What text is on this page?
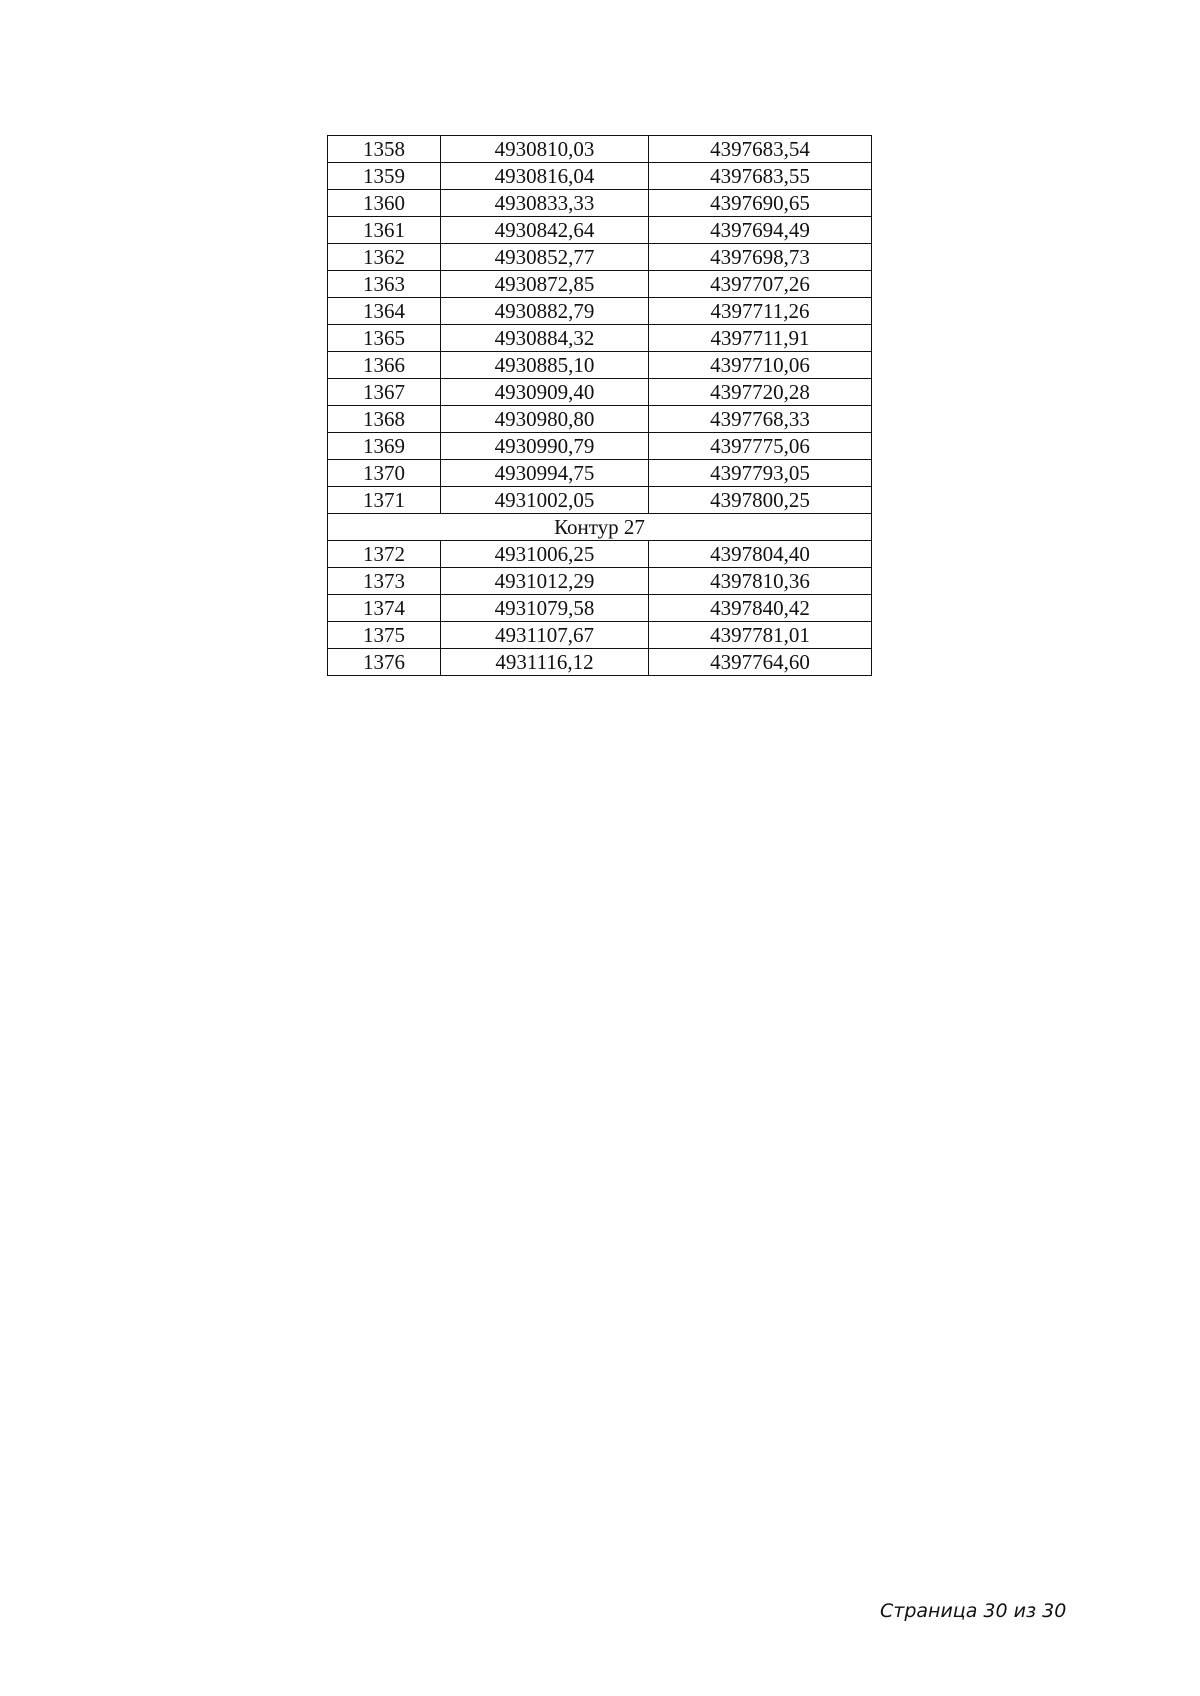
1358	4930810,03	4397683,54
1359	4930816,04	4397683,55
1360	4930833,33	4397690,65
1361	4930842,64	4397694,49
1362	4930852,77	4397698,73
1363	4930872,85	4397707,26
1364	4930882,79	4397711,26
1365	4930884,32	4397711,91
1366	4930885,10	4397710,06
1367	4930909,40	4397720,28
1368	4930980,80	4397768,33
1369	4930990,79	4397775,06
1370	4930994,75	4397793,05
1371	4931002,05	4397800,25
Контур 27		
1372	4931006,25	4397804,40
1373	4931012,29	4397810,36
1374	4931079,58	4397840,42
1375	4931107,67	4397781,01
1376	4931116,12	4397764,60
Страница 30 из 30
